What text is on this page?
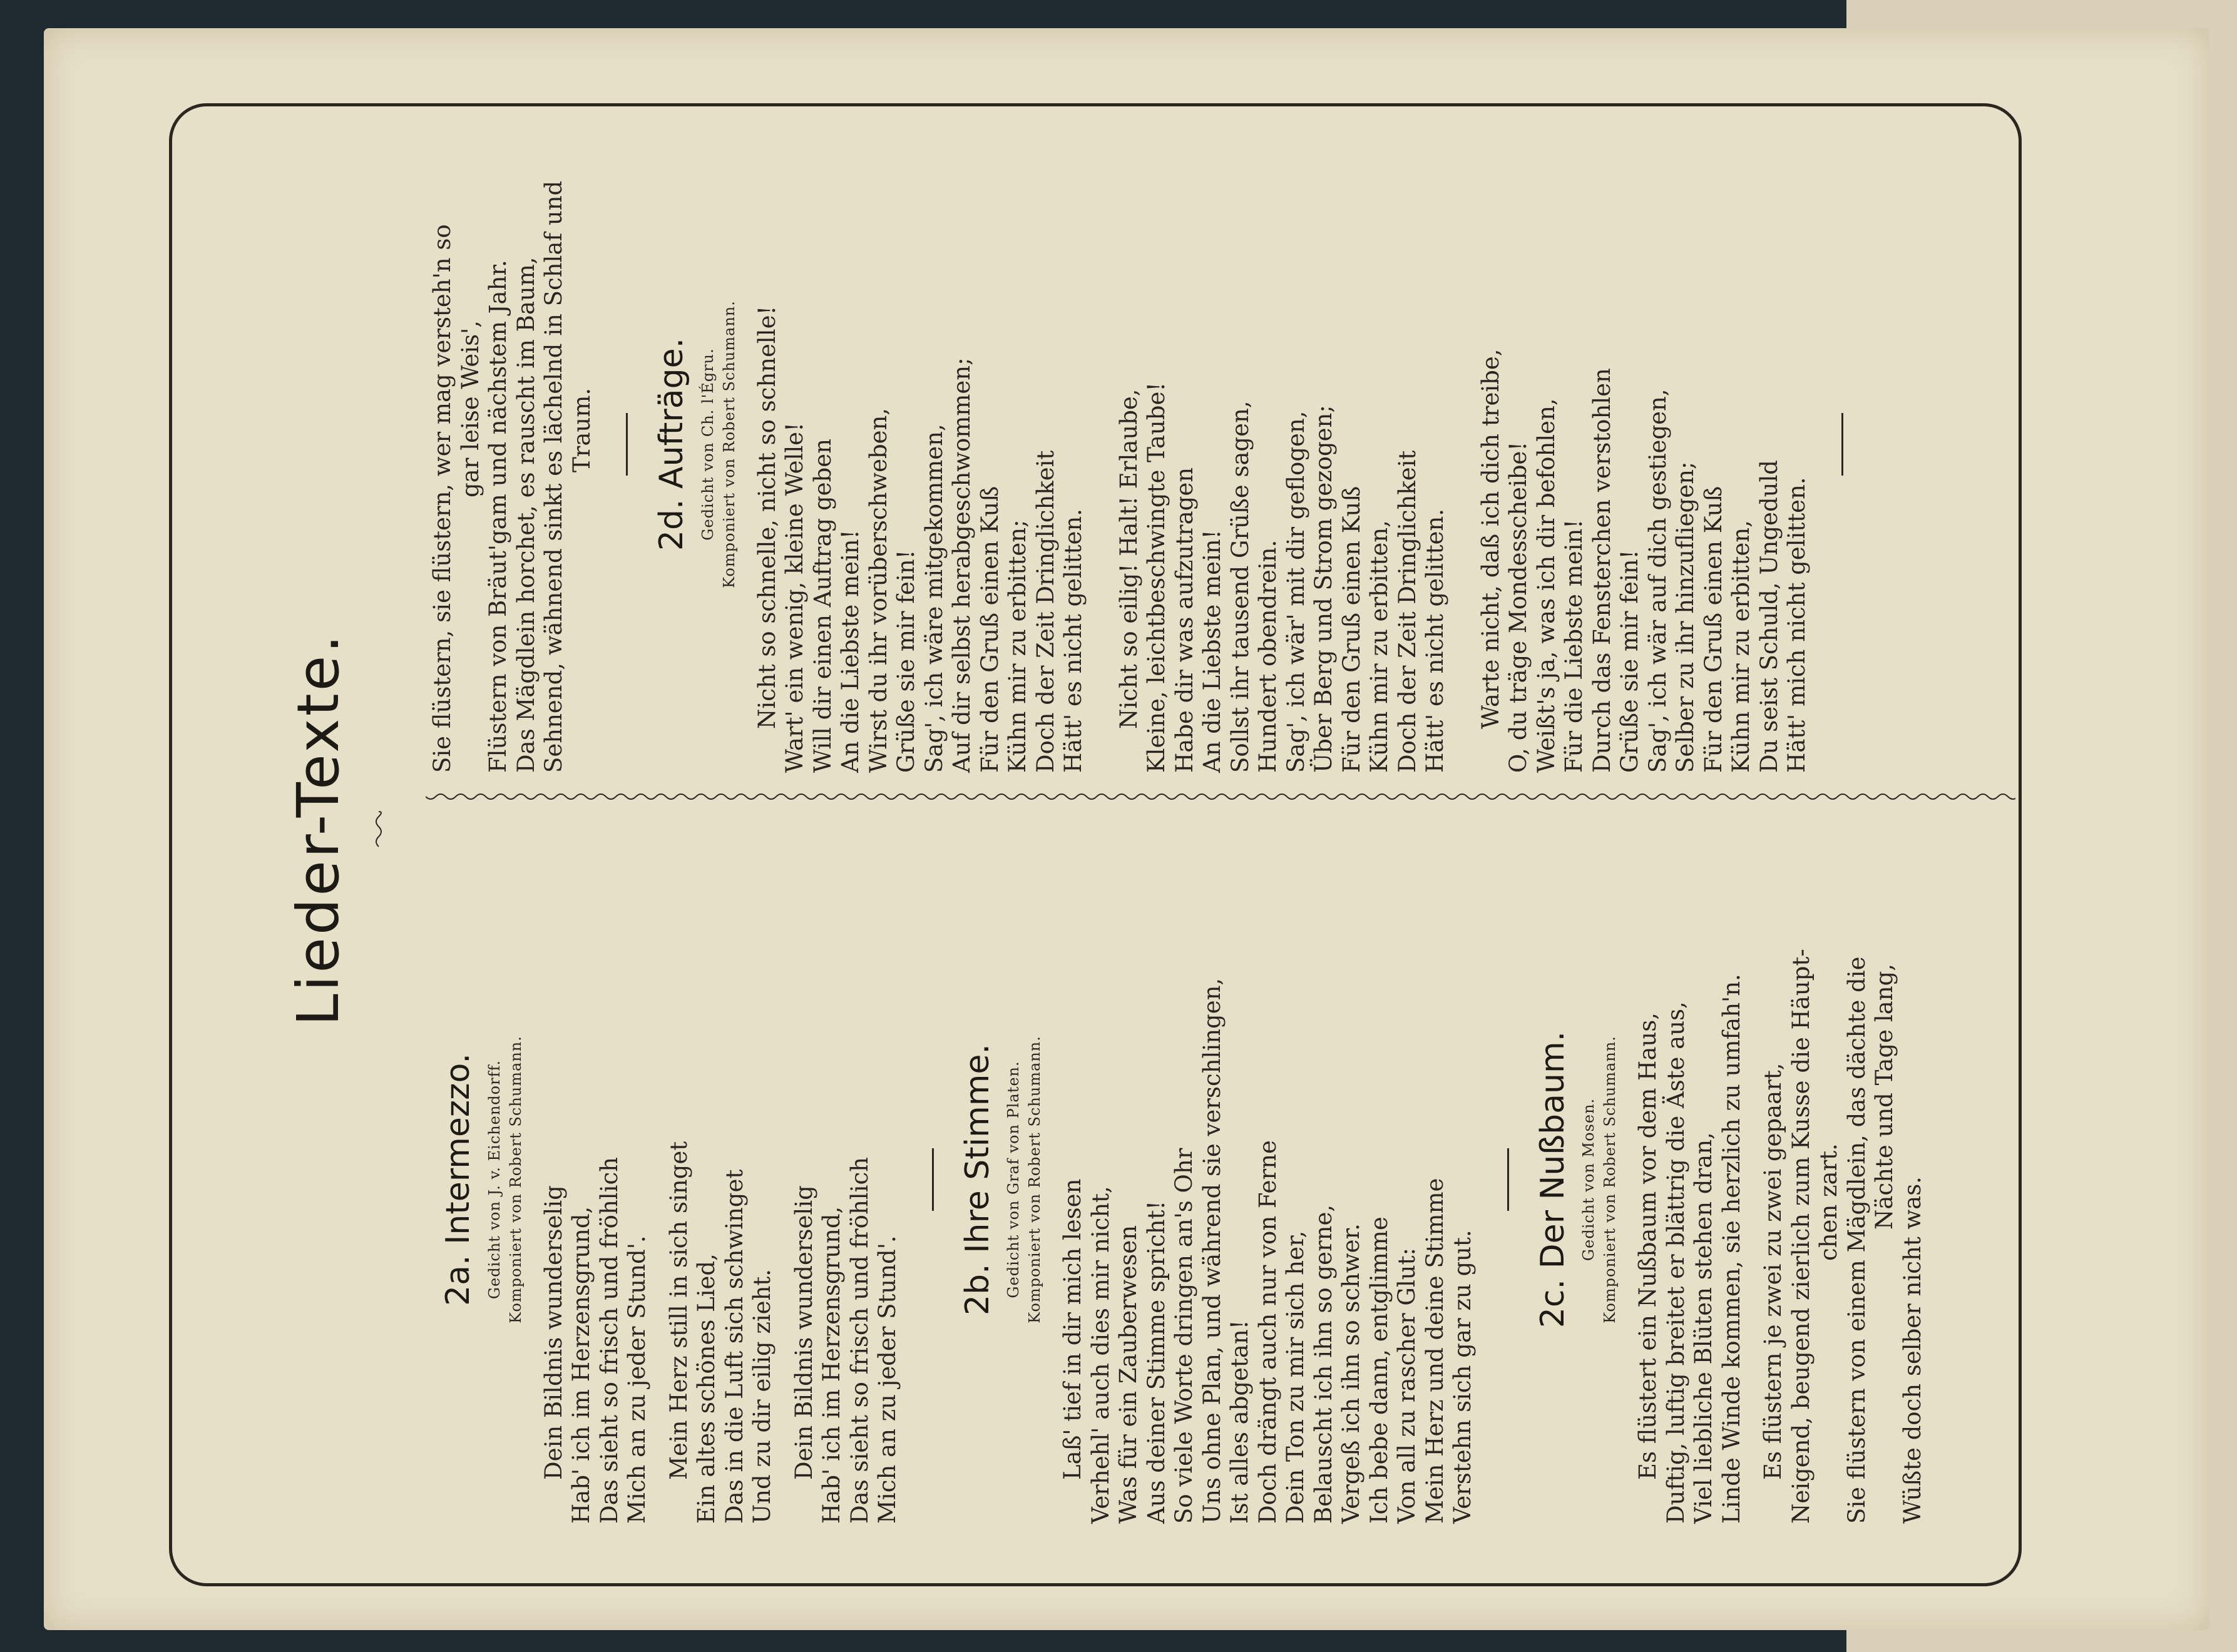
Lieder-Texte.
2a. Intermezzo. Gedicht von J. v. Eichendorff. Komponiert von Robert Schumann.
Dein Bildnis wunderselig Hab' ich im Herzensgrund, Das sieht so frisch und fröhlich Mich an zu jeder Stund'. Mein Herz still in sich singet Ein altes schönes Lied, Das in die Luft sich schwinget Und zu dir eilig zieht. Dein Bildnis wunderselig Hab' ich im Herzensgrund, Das sieht so frisch und fröhlich Mich an zu jeder Stund'.
2b. Ihre Stimme. Gedicht von Graf von Platen. Komponiert von Robert Schumann. Laß' tief in dir mich lesen Verhehl' auch dies mir nicht, Was für ein Zauberwesen Aus deiner Stimme spricht! So viele Worte dringen an's Ohr Uns ohne Plan, und während sie verschlingen, Ist alles abgetan! Doch drängt auch nur von Ferne Dein Ton zu mir sich her, Belauscht ich ihn so gerne, Vergeß ich ihn so schwer. Ich bebe dann, entglimme Von all zu rascher Glut: Mein Herz und deine Stimme Verstehn sich gar zu gut.
2c. Der Nußbaum. Gedicht von Mosen. Komponiert von Robert Schumann. Es flüstert ein Nußbaum vor dem Haus, Duftig, luftig breitet er blättrig die Äste aus, Viel liebliche Blüten stehen dran, Linde Winde kommen, sie herzlich zu umfah'n. Es flüstern je zwei zu zwei gepaart, Neigend, beugend zierlich zum Kusse die Häupt- chen zart. Sie flüstern von einem Mägdlein, das dächte die Nächte und Tage lang,
Wüßte doch selber nicht was.
Sie flüstern, sie flüstern, wer mag versteh'n so gar leise Weis', Flüstern von Bräut'gam und nächstem Jahr. Das Mägdlein horchet, es rauscht im Baum, Sehnend, wähnend sinkt es lächelnd in Schlaf und Traum. 2d. Aufträge. Gedicht von Ch. l'Égru. Komponiert von Robert Schumann. Nicht so schnelle, nicht so schnelle! Wart' ein wenig, kleine Welle! Will dir einen Auftrag geben An die Liebste mein! Wirst du ihr vorüberschweben, Grüße sie mir fein! Sag', ich wäre mitgekommen, Auf dir selbst herabgeschwommen; Für den Gruß einen Kuß Kühn mir zu erbitten; Doch der Zeit Dringlichkeit Hätt' es nicht gelitten. Nicht so eilig! Halt! Erlaube, Kleine, leichtbeschwingte Taube! Habe dir was aufzutragen An die Liebste mein! Sollst ihr tausend Grüße sagen, Hundert obendrein. Sag', ich wär' mit dir geflogen, Über Berg und Strom gezogen; Für den Gruß einen Kuß Kühn mir zu erbitten, Doch der Zeit Dringlichkeit Hätt' es nicht gelitten. Warte nicht, daß ich dich treibe, O, du träge Mondesscheibe! Weißt's ja, was ich dir befohlen, Für die Liebste mein! Durch das Fensterchen verstohlen Grüße sie mir fein! Sag', ich wär auf dich gestiegen, Selber zu ihr hinzufliegen; Für den Gruß einen Kuß Kühn mir zu erbitten, Du seist Schuld, Ungeduld Hätt' mich nicht gelitten.
